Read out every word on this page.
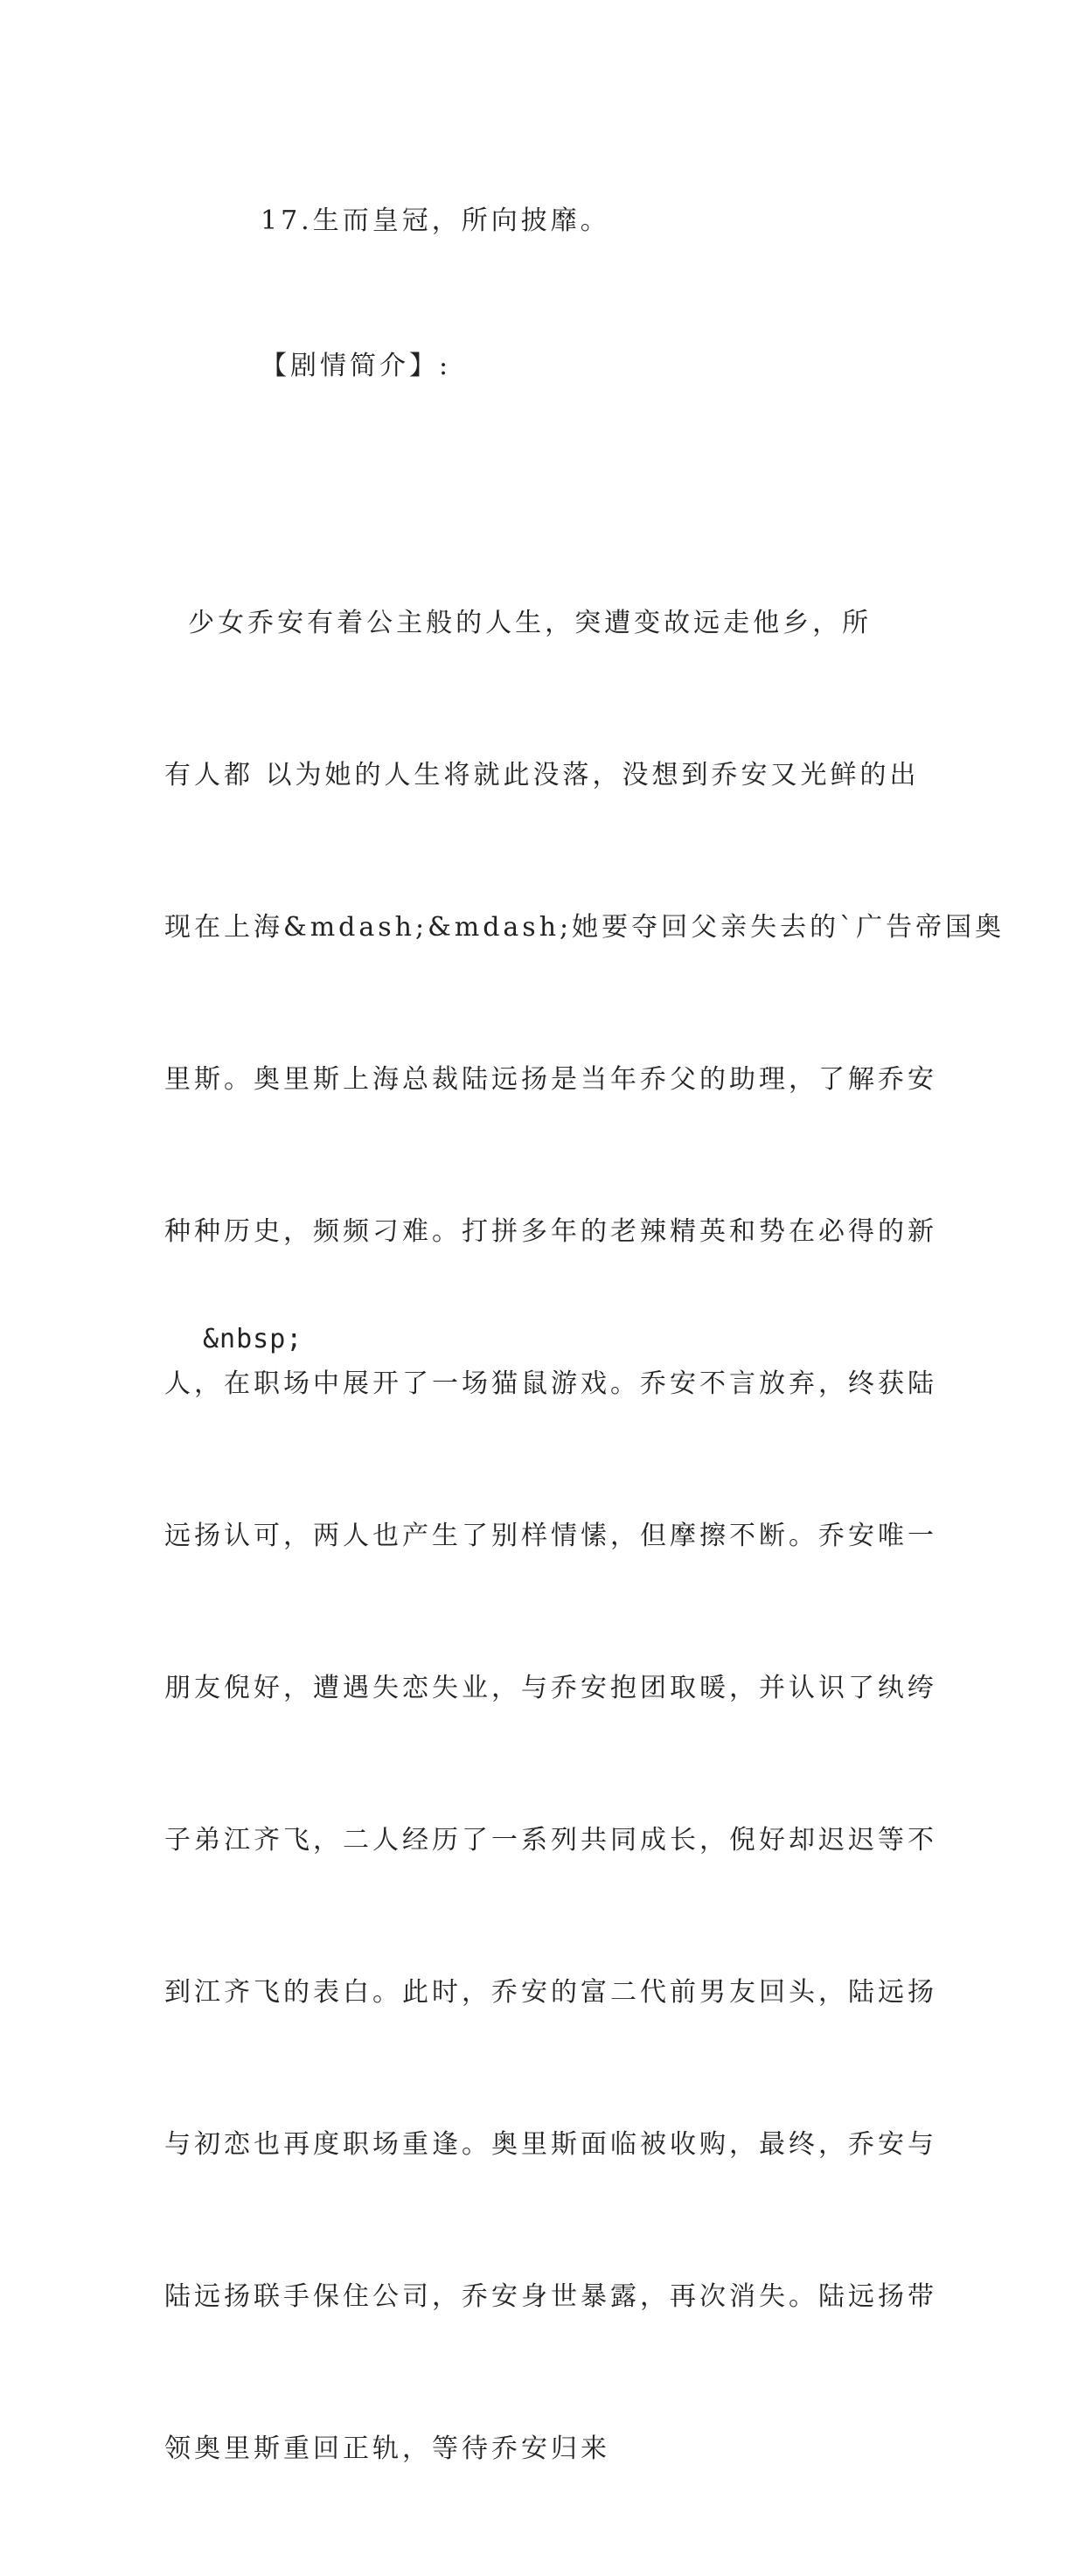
17.生而皇冠，所向披靡。
【剧情简介】:

少女乔安有着公主般的人生，突遭变故远走他乡，所

有人都 以为她的人生将就此没落，没想到乔安又光鲜的出

现在上海&mdash;&mdash;她要夺回父亲失去的`广告帝国奥

里斯。奥里斯上海总裁陆远扬是当年乔父的助理，了解乔安

种种历史，频频刁难。打拼多年的老辣精英和势在必得的新

人，在职场中展开了一场猫鼠游戏。乔安不言放弃，终获陆

远扬认可，两人也产生了别样情愫，但摩擦不断。乔安唯一

朋友倪好，遭遇失恋失业，与乔安抱团取暖，并认识了纨绔

子弟江齐飞，二人经历了一系列共同成长，倪好却迟迟等不

到江齐飞的表白。此时，乔安的富二代前男友回头，陆远扬

与初恋也再度职场重逢。奥里斯面临被收购，最终，乔安与

陆远扬联手保住公司，乔安身世暴露，再次消失。陆远扬带

领奥里斯重回正轨，等待乔安归来

&nbsp;
